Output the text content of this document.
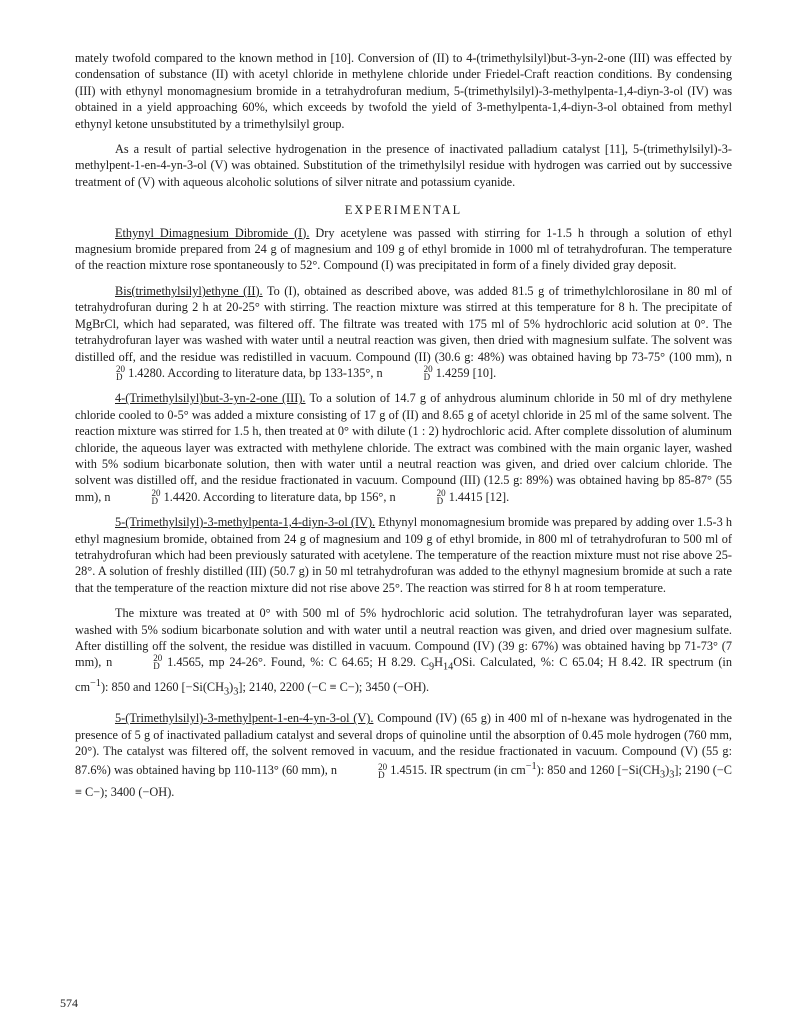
mately twofold compared to the known method in [10]. Conversion of (II) to 4-(trimethylsilyl)but-3-yn-2-one (III) was effected by condensation of substance (II) with acetyl chloride in methylene chloride under Friedel-Craft reaction conditions. By condensing (III) with ethynyl monomagnesium bromide in a tetrahydrofuran medium, 5-(trimethylsilyl)-3-methylpenta-1,4-diyn-3-ol (IV) was obtained in a yield approaching 60%, which exceeds by twofold the yield of 3-methylpenta-1,4-diyn-3-ol obtained from methyl ethynyl ketone unsubstituted by a trimethylsilyl group.

As a result of partial selective hydrogenation in the presence of inactivated palladium catalyst [11], 5-(trimethylsilyl)-3-methylpent-1-en-4-yn-3-ol (V) was obtained. Substitution of the trimethylsilyl residue with hydrogen was carried out by successive treatment of (V) with aqueous alcoholic solutions of silver nitrate and potassium cyanide.

EXPERIMENTAL

Ethynyl Dimagnesium Dibromide (I). Dry acetylene was passed with stirring for 1-1.5 h through a solution of ethyl magnesium bromide prepared from 24 g of magnesium and 109 g of ethyl bromide in 1000 ml of tetrahydrofuran. The temperature of the reaction mixture rose spontaneously to 52°. Compound (I) was precipitated in form of a finely divided gray deposit.

Bis(trimethylsilyl)ethyne (II). To (I), obtained as described above, was added 81.5 g of trimethylchlorosilane in 80 ml of tetrahydrofuran during 2 h at 20-25° with stirring. The reaction mixture was stirred at this temperature for 8 h. The precipitate of MgBrCl, which had separated, was filtered off. The filtrate was treated with 175 ml of 5% hydrochloric acid solution at 0°. The tetrahydrofuran layer was washed with water until a neutral reaction was given, then dried with magnesium sulfate. The solvent was distilled off, and the residue was redistilled in vacuum. Compound (II) (30.6 g: 48%) was obtained having bp 73-75° (100 mm), n
20
D 1.4280. According to literature data, bp 133-135°, n	20
D 1.4259 [10].

4-(Trimethylsilyl)but-3-yn-2-one (III). To a solution of 14.7 g of anhydrous aluminum chloride in 50 ml of dry methylene chloride cooled to 0-5° was added a mixture consisting of 17 g of (II) and 8.65 g of acetyl chloride in 25 ml of the same solvent. The reaction mixture was stirred for 1.5 h, then treated at 0° with dilute (1 : 2) hydrochloric acid. After complete dissolution of aluminum chloride, the aqueous layer was extracted with methylene chloride. The extract was combined with the main organic layer, washed with 5% sodium bicarbonate solution, then with water until a neutral reaction was given, and dried over calcium chloride. The solvent was distilled off, and the residue fractionated in vacuum. Compound (III) (12.5 g: 89%) was obtained having bp 85-87° (55 mm), n	20
D 1.4420. According to literature data, bp 156°, n	20
D 1.4415 [12].

5-(Trimethylsilyl)-3-methylpenta-1,4-diyn-3-ol (IV). Ethynyl monomagnesium bromide was prepared by adding over 1.5-3 h ethyl magnesium bromide, obtained from 24 g of magnesium and 109 g of ethyl bromide, in 800 ml of tetrahydrofuran to 500 ml of tetrahydrofuran which had been previously saturated with acetylene. The temperature of the reaction mixture must not rise above 25-28°. A solution of freshly distilled (III) (50.7 g) in 50 ml tetrahydrofuran was added to the ethynyl magnesium bromide at such a rate that the temperature of the reaction mixture did not rise above 25°. The reaction was stirred for 8 h at room temperature.

The mixture was treated at 0° with 500 ml of 5% hydrochloric acid solution. The tetrahydrofuran layer was separated, washed with 5% sodium bicarbonate solution and with water until a neutral reaction was given, and dried over magnesium sulfate. After distilling off the solvent, the residue was distilled in vacuum. Compound (IV) (39 g: 67%) was obtained having bp 71-73° (7 mm), n	20
D 1.4565, mp 24-26°. Found, %: C 64.65; H 8.29. $C_9H_{14}OSi$. Calculated, %: C 65.04; H 8.42. IR spectrum (in $cm^{-1}$): 850 and 1260 $[-Si(CH_3)_3]$; 2140, 2200 (−C ≡ C−); 3450 (−OH).

5-(Trimethylsilyl)-3-methylpent-1-en-4-yn-3-ol (V). Compound (IV) (65 g) in 400 ml of n-hexane was hydrogenated in the presence of 5 g of inactivated palladium catalyst and several drops of quinoline until the absorption of 0.45 mole hydrogen (760 mm, 20°). The catalyst was filtered off, the solvent removed in vacuum, and the residue fractionated in vacuum. Compound (V) (55 g: 87.6%) was obtained having bp 110-113° (60 mm), n	20
D 1.4515. IR spectrum (in $cm^{-1}$): 850 and 1260 $[-Si(CH_3)_3]$; 2190 (−C ≡ C−); 3400 (−OH).

574
